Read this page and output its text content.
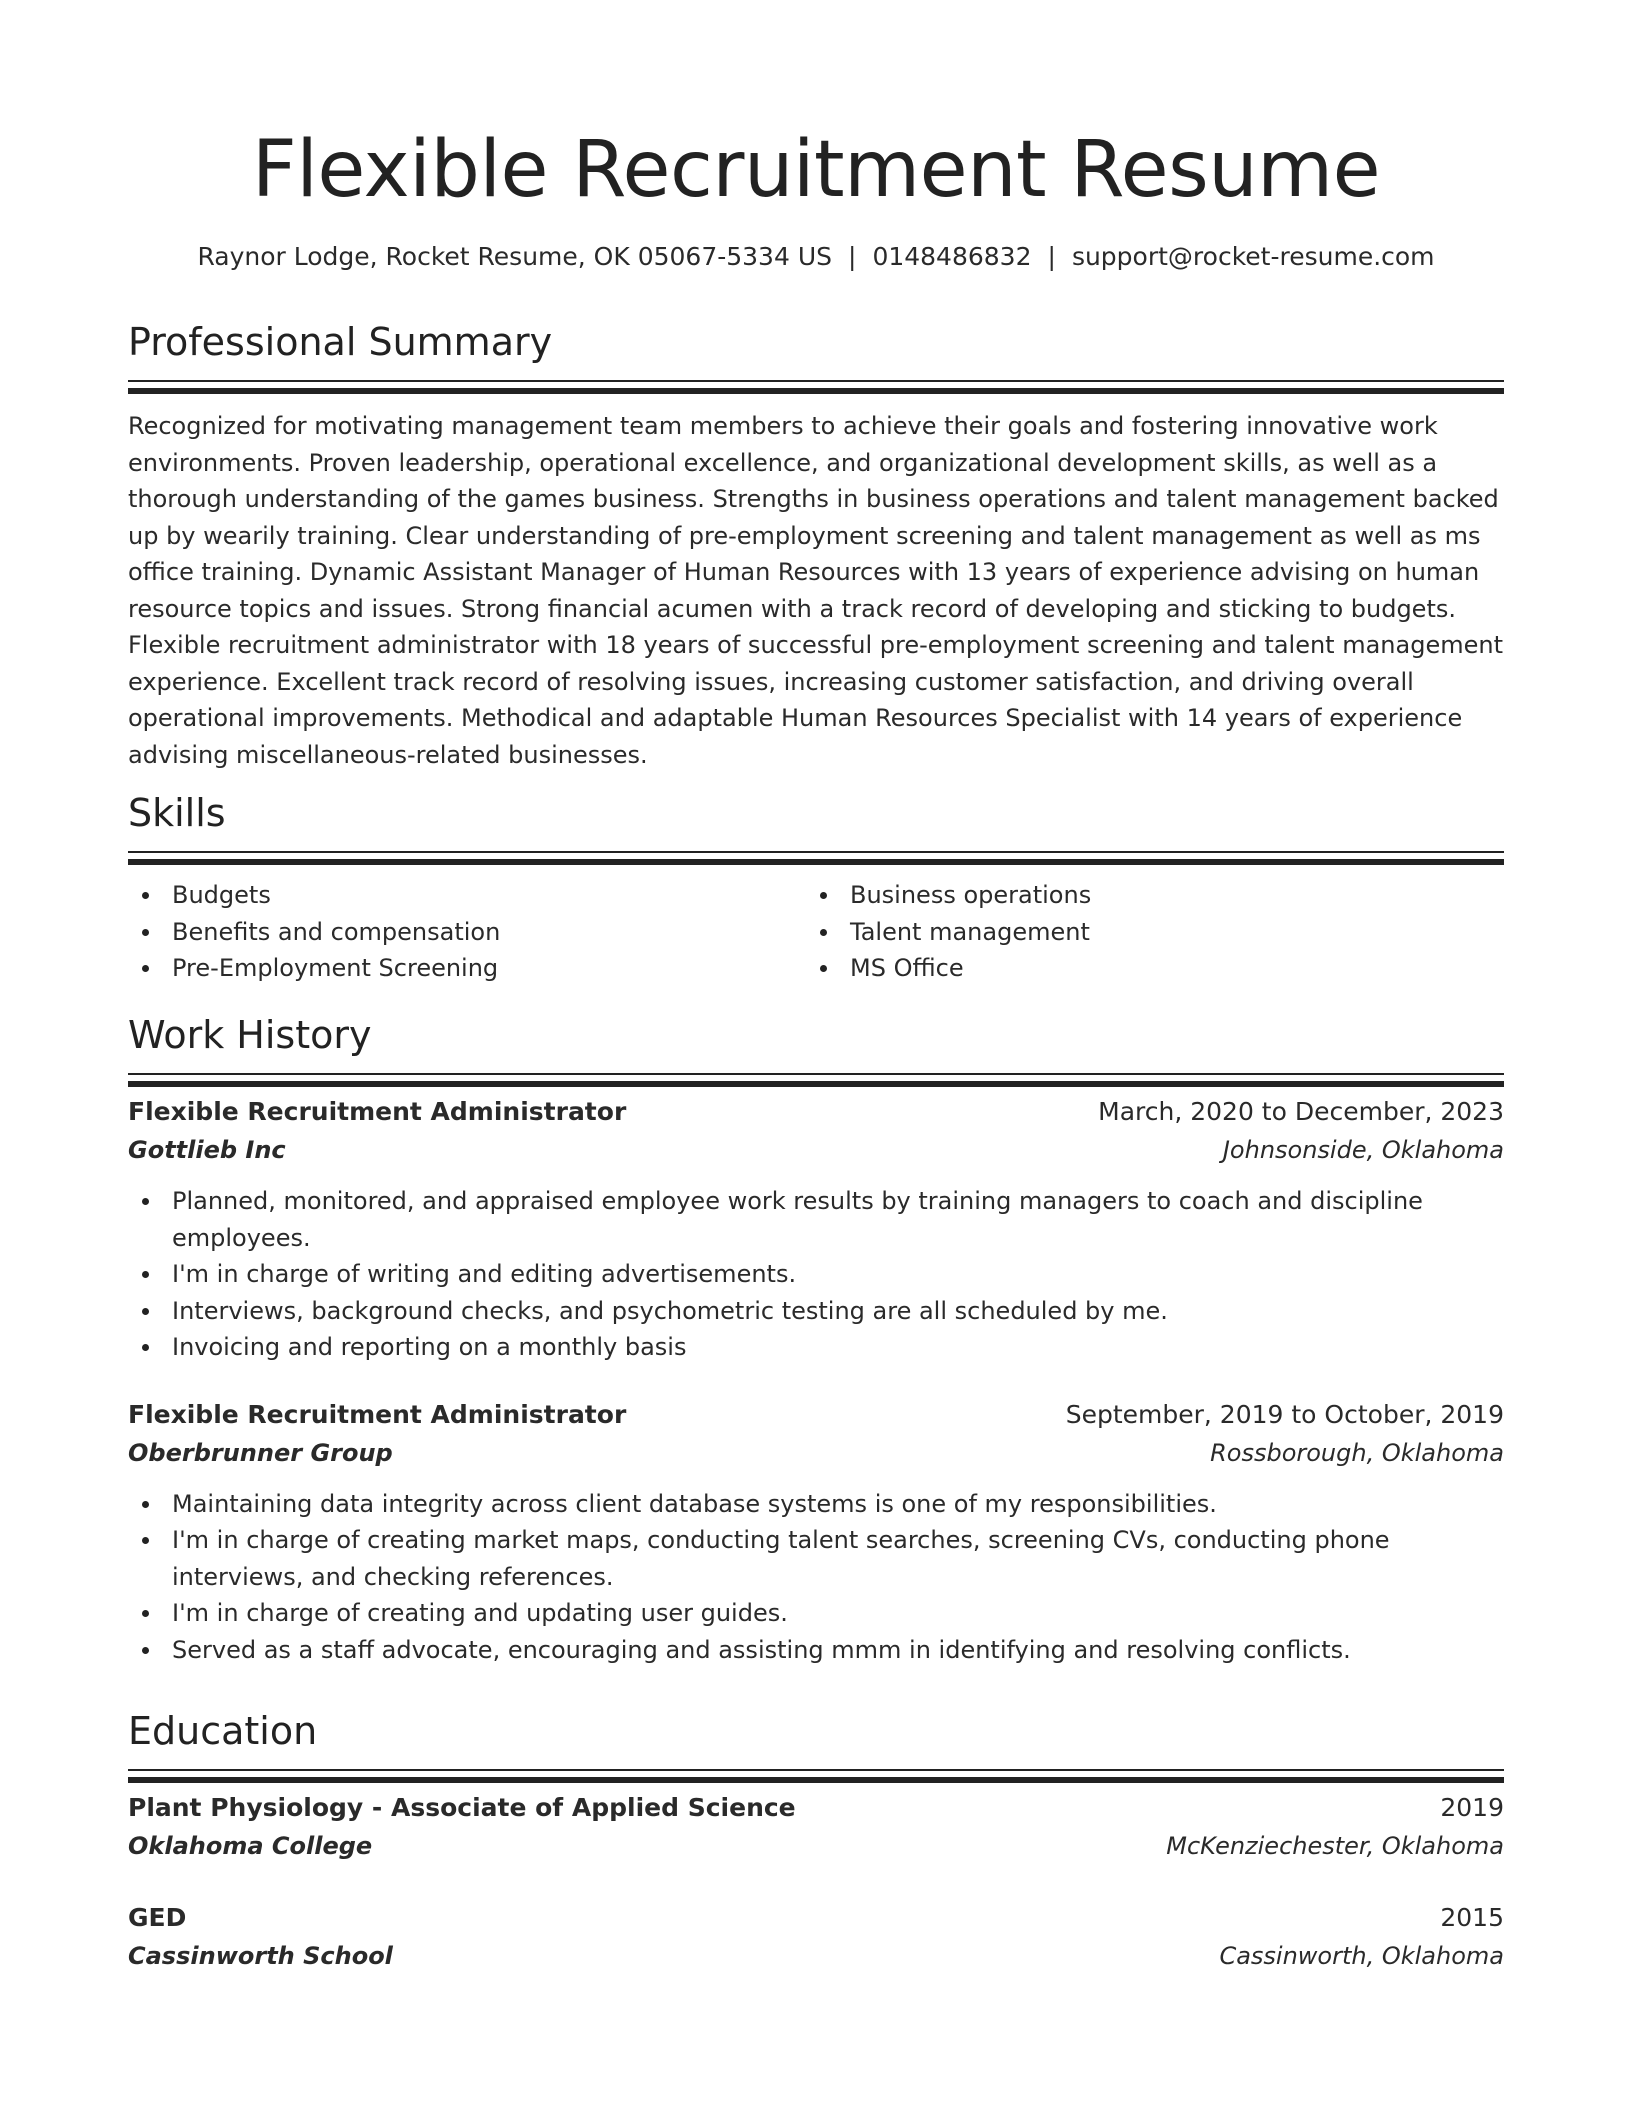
Flexible Recruitment Resume
Raynor Lodge, Rocket Resume, OK 05067-5334 US | 0148486832 | support@rocket-resume.com
Professional Summary

Recognized for motivating management team members to achieve their goals and fostering innovative work environments. Proven leadership, operational excellence, and organizational development skills, as well as a thorough understanding of the games business. Strengths in business operations and talent management backed up by wearily training. Clear understanding of pre-employment screening and talent management as well as ms office training. Dynamic Assistant Manager of Human Resources with 13 years of experience advising on human resource topics and issues. Strong financial acumen with a track record of developing and sticking to budgets. Flexible recruitment administrator with 18 years of successful pre-employment screening and talent management experience. Excellent track record of resolving issues, increasing customer satisfaction, and driving overall operational improvements. Methodical and adaptable Human Resources Specialist with 14 years of experience advising miscellaneous-related businesses.

Skills
Budgets
Benefits and compensation
Pre-Employment Screening
Business operations
Talent management
MS Office
Work History
Flexible Recruitment Administrator	March, 2020 to December, 2023
Gottlieb Inc	Johnsonside, Oklahoma
Planned, monitored, and appraised employee work results by training managers to coach and discipline employees.
I'm in charge of writing and editing advertisements.
Interviews, background checks, and psychometric testing are all scheduled by me.
Invoicing and reporting on a monthly basis
Flexible Recruitment Administrator	September, 2019 to October, 2019
Oberbrunner Group	Rossborough, Oklahoma
Maintaining data integrity across client database systems is one of my responsibilities.
I'm in charge of creating market maps, conducting talent searches, screening CVs, conducting phone interviews, and checking references.
I'm in charge of creating and updating user guides.
Served as a staff advocate, encouraging and assisting mmm in identifying and resolving conflicts.
Education
Plant Physiology - Associate of Applied Science	2019
Oklahoma College	McKenziechester, Oklahoma
GED	2015
Cassinworth School	Cassinworth, Oklahoma
